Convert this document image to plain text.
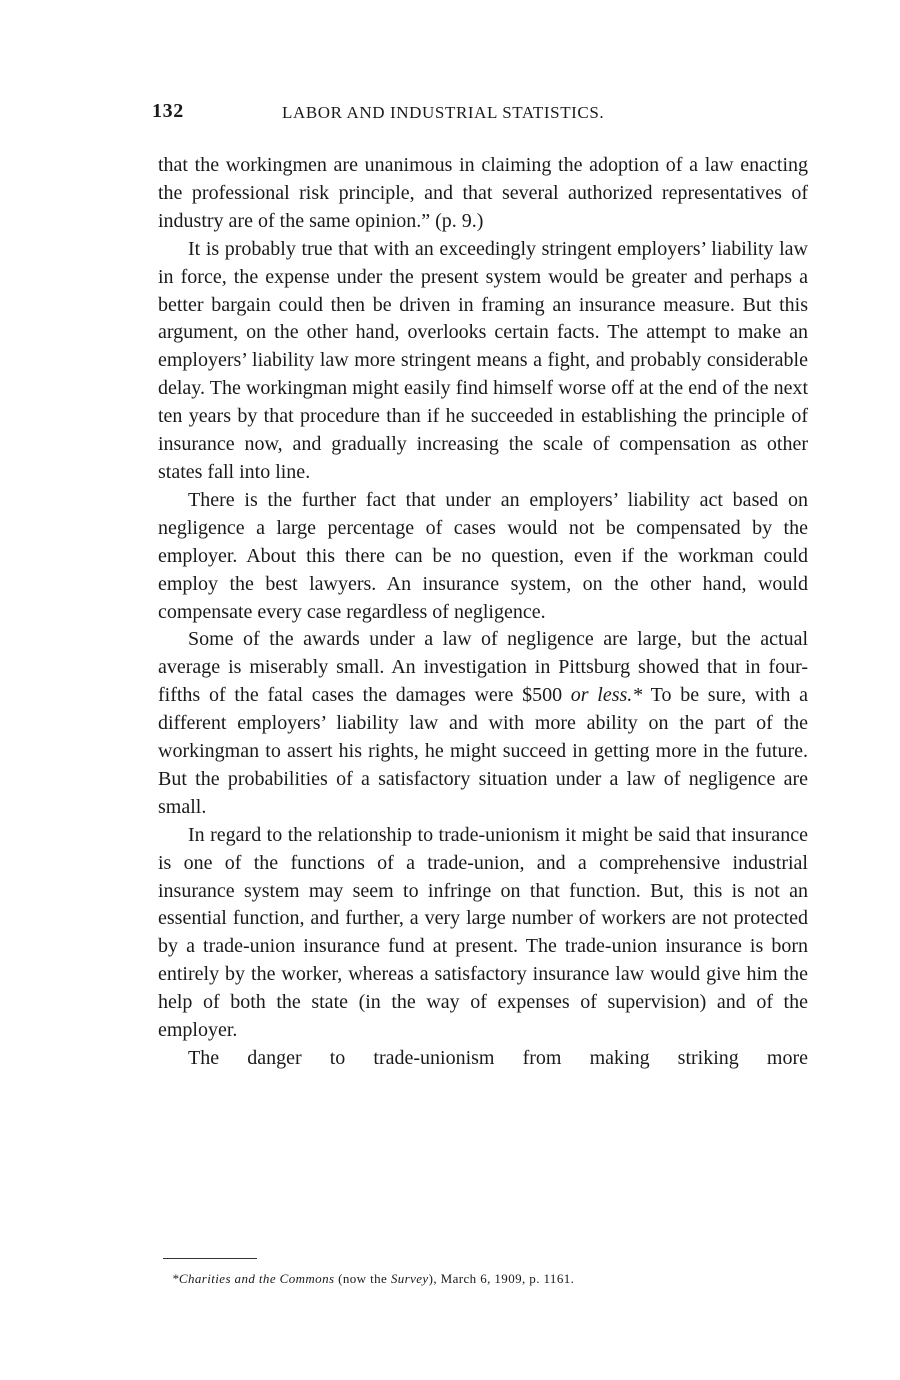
132	LABOR AND INDUSTRIAL STATISTICS.

that the workingmen are unanimous in claiming the adoption of a law enacting the professional risk principle, and that several authorized representatives of industry are of the same opinion.” (p. 9.)

It is probably true that with an exceedingly stringent employers’ liability law in force, the expense under the present system would be greater and perhaps a better bargain could then be driven in framing an insurance measure. But this argument, on the other hand, overlooks certain facts. The attempt to make an employers’ liability law more stringent means a fight, and probably considerable delay. The workingman might easily find himself worse off at the end of the next ten years by that procedure than if he succeeded in establishing the principle of insurance now, and gradually increasing the scale of compensation as other states fall into line.

There is the further fact that under an employers’ liability act based on negligence a large percentage of cases would not be compensated by the employer. About this there can be no question, even if the workman could employ the best lawyers. An insurance system, on the other hand, would compensate every case regardless of negligence.

Some of the awards under a law of negligence are large, but the actual average is miserably small. An investigation in Pittsburg showed that in four-fifths of the fatal cases the damages were $500 or less.* To be sure, with a different employers’ liability law and with more ability on the part of the workingman to assert his rights, he might succeed in getting more in the future. But the probabilities of a satisfactory situation under a law of negligence are small.

In regard to the relationship to trade-unionism it might be said that insurance is one of the functions of a trade-union, and a comprehensive industrial insurance system may seem to infringe on that function. But, this is not an essential function, and further, a very large number of workers are not protected by a trade-union insurance fund at present. The trade-union insurance is born entirely by the worker, whereas a satisfactory insurance law would give him the help of both the state (in the way of expenses of supervision) and of the employer.

The danger to trade-unionism from making striking more

*Charities and the Commons (now the Survey), March 6, 1909, p. 1161.
